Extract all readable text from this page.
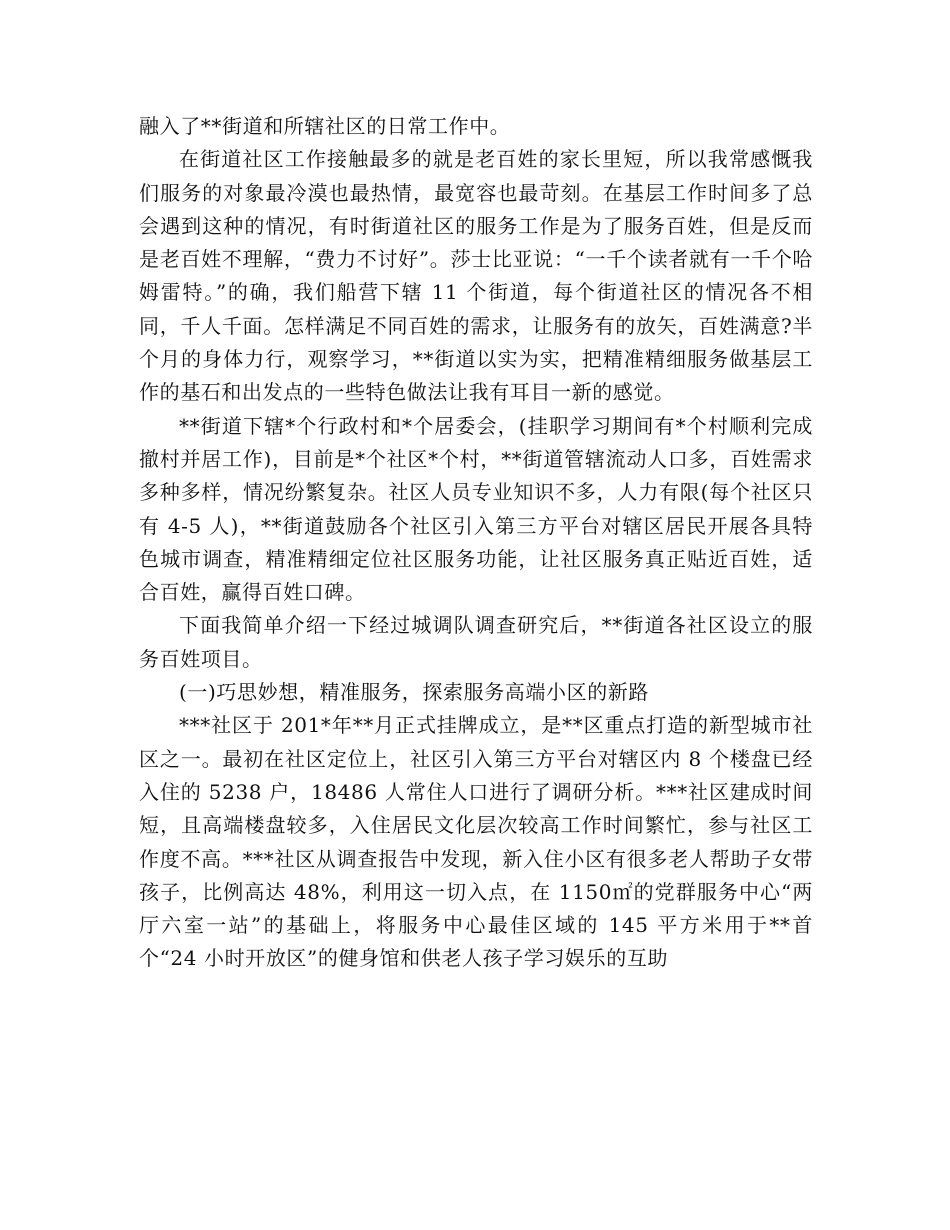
融入了**街道和所辖社区的日常工作中。

在街道社区工作接触最多的就是老百姓的家长里短，所以我常感慨我们服务的对象最冷漠也最热情，最宽容也最苛刻。在基层工作时间多了总会遇到这种的情况，有时街道社区的服务工作是为了服务百姓，但是反而是老百姓不理解，“费力不讨好”。莎士比亚说：“一千个读者就有一千个哈姆雷特。”的确，我们船营下辖 11 个街道，每个街道社区的情况各不相同，千人千面。怎样满足不同百姓的需求，让服务有的放矢，百姓满意?半个月的身体力行，观察学习，**街道以实为实，把精准精细服务做基层工作的基石和出发点的一些特色做法让我有耳目一新的感觉。

**街道下辖*个行政村和*个居委会，(挂职学习期间有*个村顺利完成撤村并居工作)，目前是*个社区*个村，**街道管辖流动人口多，百姓需求多种多样，情况纷繁复杂。社区人员专业知识不多，人力有限(每个社区只有 4-5 人)，**街道鼓励各个社区引入第三方平台对辖区居民开展各具特色城市调查，精准精细定位社区服务功能，让社区服务真正贴近百姓，适合百姓，赢得百姓口碑。

下面我简单介绍一下经过城调队调查研究后，**街道各社区设立的服务百姓项目。

(一)巧思妙想，精准服务，探索服务高端小区的新路

***社区于 201*年**月正式挂牌成立，是**区重点打造的新型城市社区之一。最初在社区定位上，社区引入第三方平台对辖区内 8 个楼盘已经入住的 5238 户，18486 人常住人口进行了调研分析。***社区建成时间短，且高端楼盘较多，入住居民文化层次较高工作时间繁忙，参与社区工作度不高。***社区从调查报告中发现，新入住小区有很多老人帮助子女带孩子，比例高达 48%，利用这一切入点，在 1150㎡的党群服务中心“两厅六室一站”的基础上，将服务中心最佳区域的 145 平方米用于**首个“24 小时开放区”的健身馆和供老人孩子学习娱乐的互助
